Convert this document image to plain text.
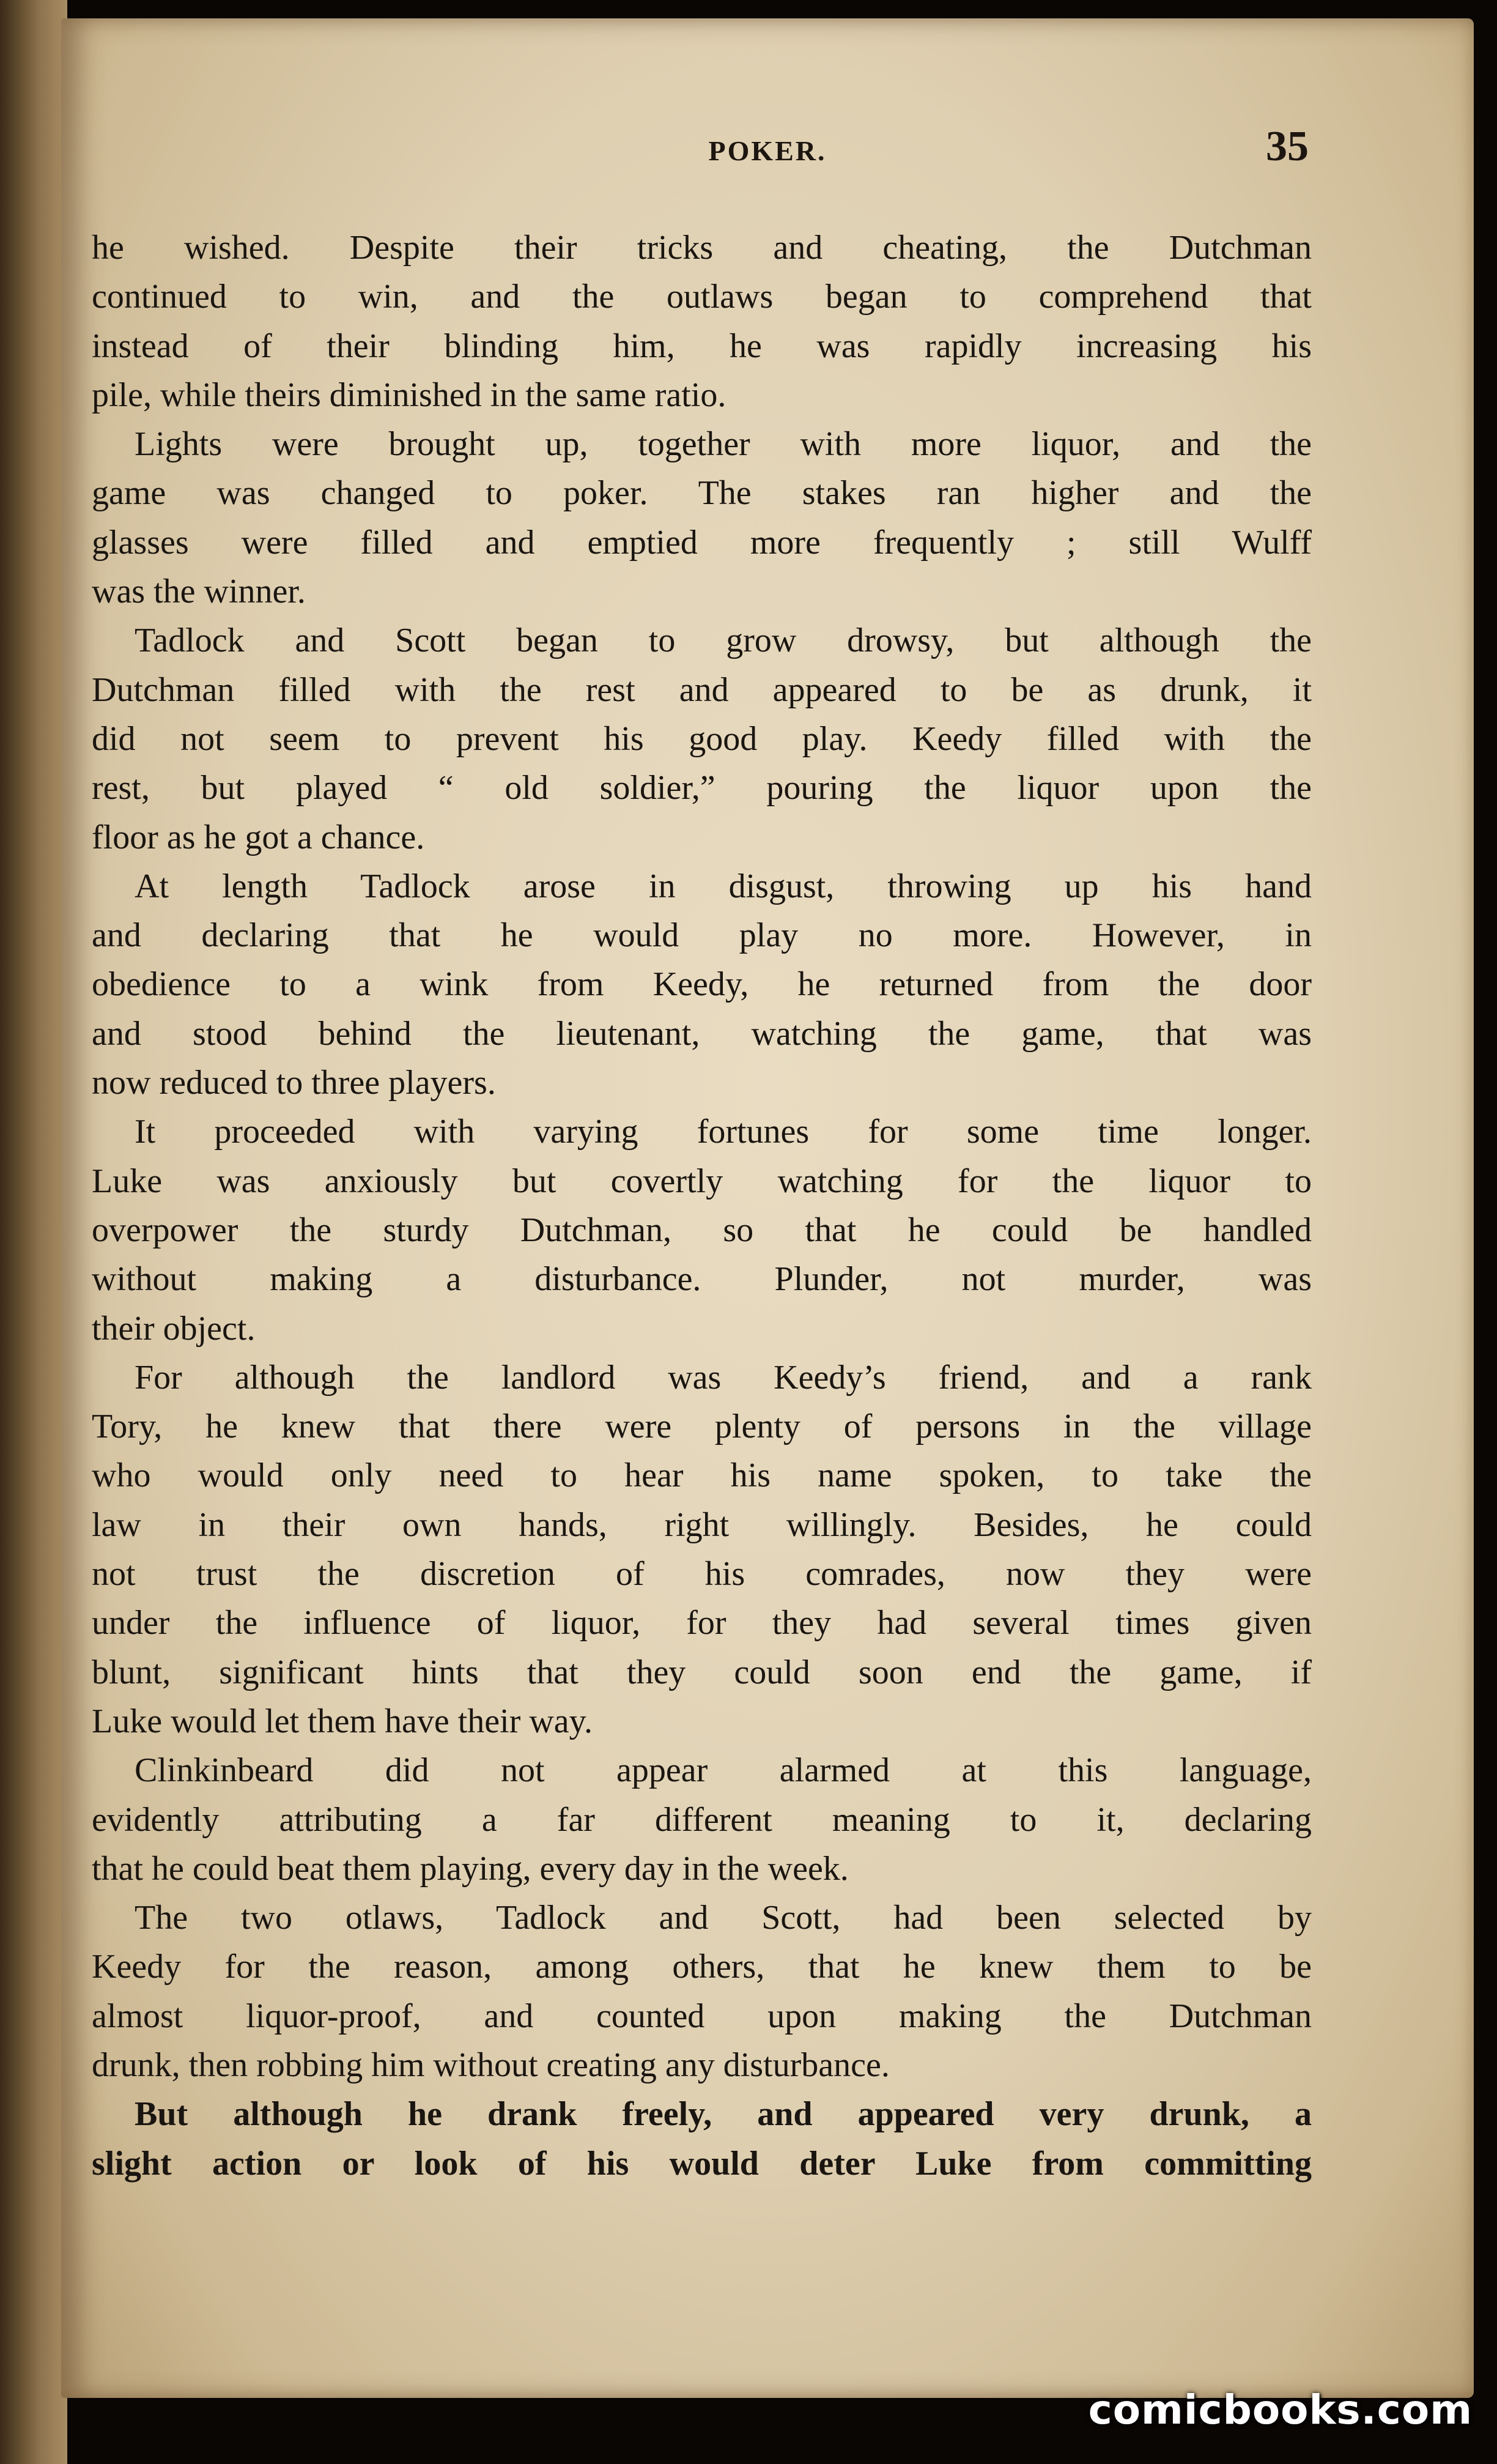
POKER.	35
he wished. Despite their tricks and cheating, the Dutchman
continued to win, and the outlaws began to comprehend that
instead of their blinding him, he was rapidly increasing his
pile, while theirs diminished in the same ratio.
Lights were brought up, together with more liquor, and the
game was changed to poker. The stakes ran higher and the
glasses were filled and emptied more frequently ; still Wulff
was the winner.
Tadlock and Scott began to grow drowsy, but although the
Dutchman filled with the rest and appeared to be as drunk, it
did not seem to prevent his good play. Keedy filled with the
rest, but played “ old soldier,” pouring the liquor upon the
floor as he got a chance.
At length Tadlock arose in disgust, throwing up his hand
and declaring that he would play no more. However, in
obedience to a wink from Keedy, he returned from the door
and stood behind the lieutenant, watching the game, that was
now reduced to three players.
It proceeded with varying fortunes for some time longer.
Luke was anxiously but covertly watching for the liquor to
overpower the sturdy Dutchman, so that he could be handled
without making a disturbance. Plunder, not murder, was
their object.
For although the landlord was Keedy’s friend, and a rank
Tory, he knew that there were plenty of persons in the village
who would only need to hear his name spoken, to take the
law in their own hands, right willingly. Besides, he could
not trust the discretion of his comrades, now they were
under the influence of liquor, for they had several times given
blunt, significant hints that they could soon end the game, if
Luke would let them have their way.
Clinkinbeard did not appear alarmed at this language,
evidently attributing a far different meaning to it, declaring
that he could beat them playing, every day in the week.
The two otlaws, Tadlock and Scott, had been selected by
Keedy for the reason, among others, that he knew them to be
almost liquor-proof, and counted upon making the Dutchman
drunk, then robbing him without creating any disturbance.
But although he drank freely, and appeared very drunk, a
slight action or look of his would deter Luke from committing
comicbooks.com
